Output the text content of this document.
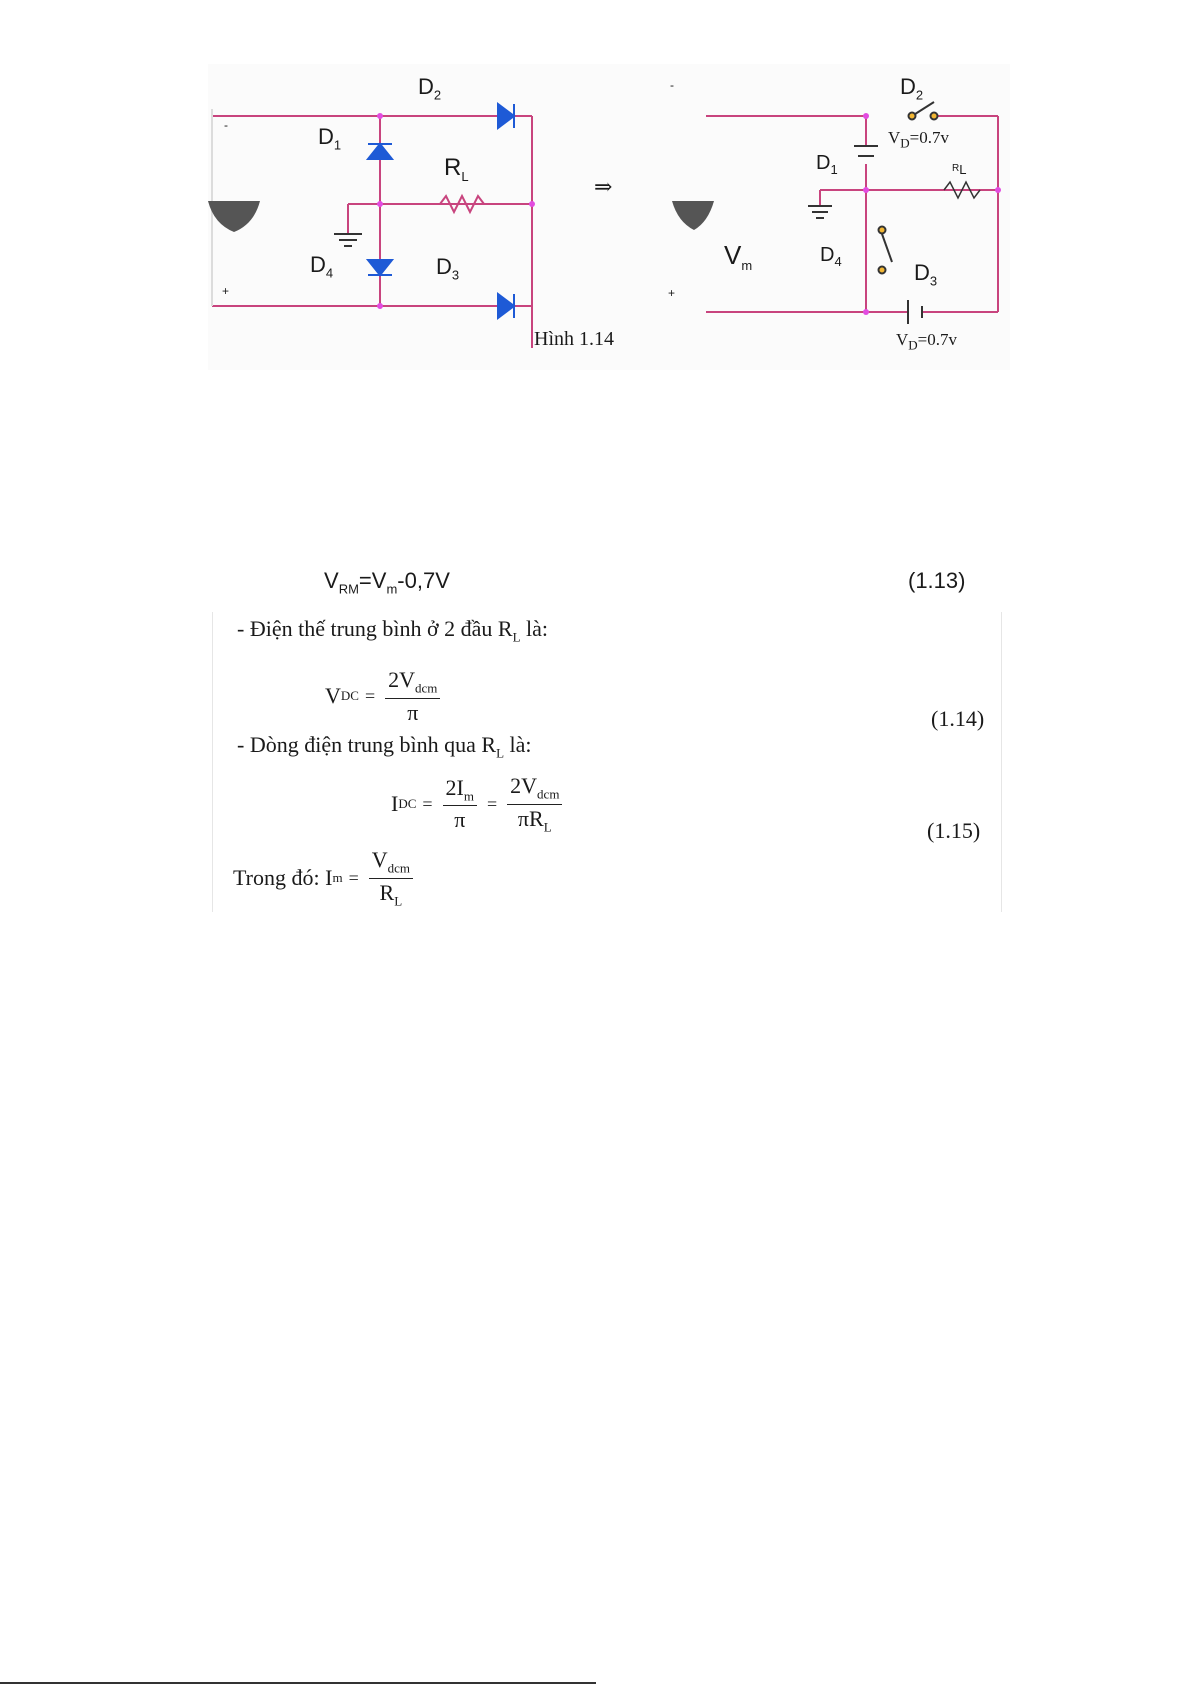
$D_2$
$D_1$
$R_L$
$D_4$	$D_3$
-
+
⇒
Hình 1.14
$D_2$
$V_D=0.7v$
$D_1$	$R_L$
$V_m$	$D_4$	$D_3$
$V_D=0.7v$
-
+
$V_{RM}=V_m-0,7V$	(1.13)
- Điện thế trung bình ở 2 đầu $R_L$ là:
V DC = $\frac{2V_{dcm}}{\pi}$	(1.14)
- Dòng điện trung bình qua $R_L$ là:
I DC = $\frac{2I_m}{\pi} = \frac{2V_{dcm}}{\pi R_L}$	(1.15)
Trong đó:
I $m = \frac{V_{dcm}}{R_L}$
